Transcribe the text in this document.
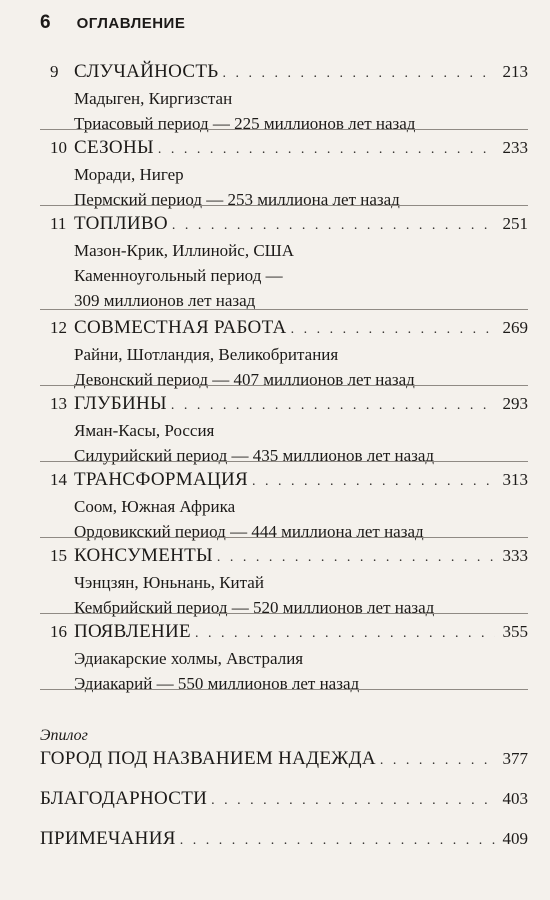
6 ОГЛАВЛЕНИЕ
9 СЛУЧАЙНОСТЬ . . .	213
Мадыген, Киргизстан
Триасовый период — 225 миллионов лет назад
10 СЕЗОНЫ . . .	233
Моради, Нигер
Пермский период — 253 миллиона лет назад
11 ТОПЛИВО . . .	251
Мазон-Крик, Иллинойс, США
Каменноугольный период —
309 миллионов лет назад
12 СОВМЕСТНАЯ РАБОТА . . .	269
Райни, Шотландия, Великобритания
Девонский период — 407 миллионов лет назад
13 ГЛУБИНЫ . . .	293
Яман-Касы, Россия
Силурийский период — 435 миллионов лет назад
14 ТРАНСФОРМАЦИЯ . . .	313
Соом, Южная Африка
Ордовикский период — 444 миллиона лет назад
15 КОНСУМЕНТЫ . . .	333
Чэнцзян, Юньнань, Китай
Кембрийский период — 520 миллионов лет назад
16 ПОЯВЛЕНИЕ . . .	355
Эдиакарские холмы, Австралия
Эдиакарий — 550 миллионов лет назад
Эпилог
ГОРОД ПОД НАЗВАНИЕМ НАДЕЖДА . . .	377
БЛАГОДАРНОСТИ . . .	403
ПРИМЕЧАНИЯ . . .	409
